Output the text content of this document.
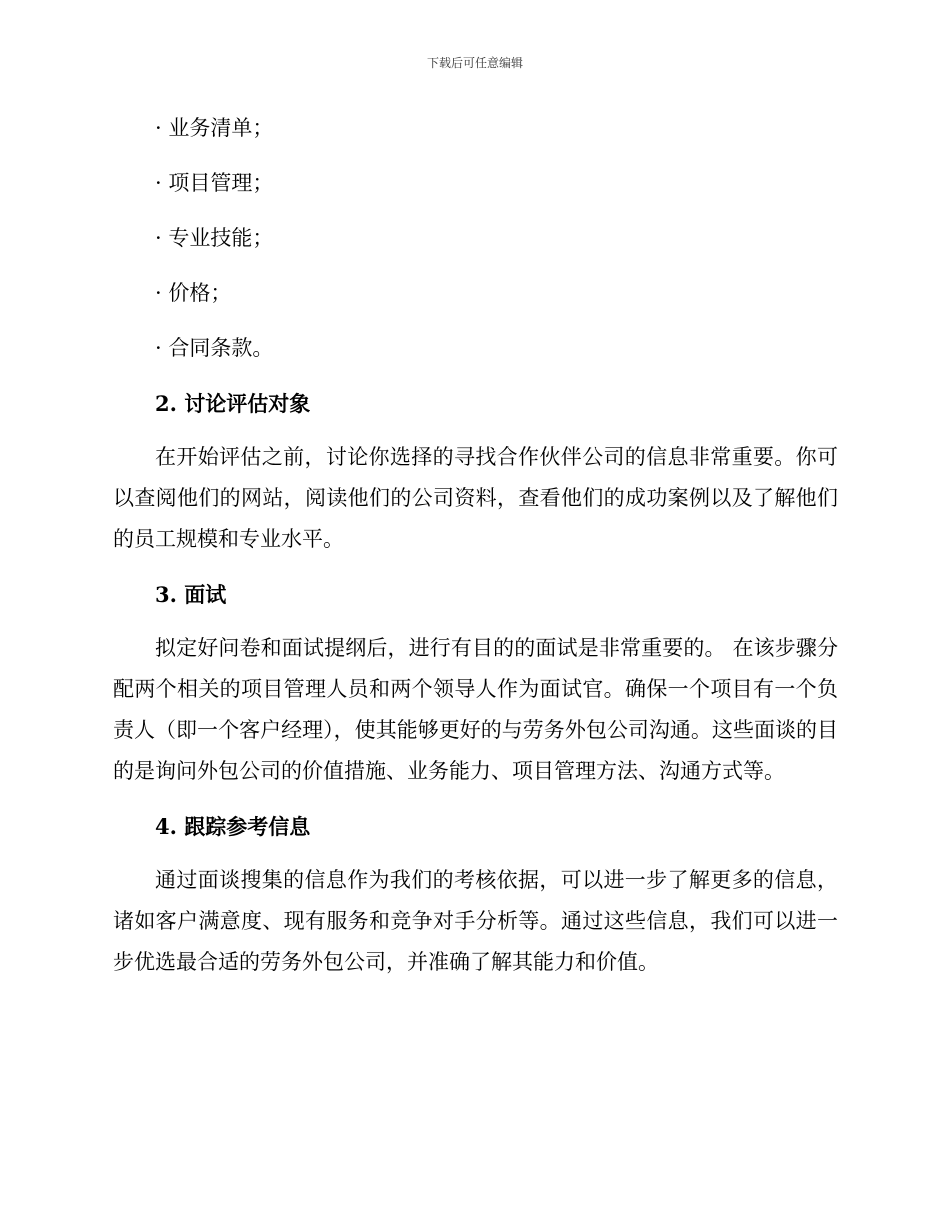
下载后可任意编辑
· 业务清单；
· 项目管理；
· 专业技能；
· 价格；
· 合同条款。
2. 讨论评估对象
在开始评估之前，讨论你选择的寻找合作伙伴公司的信息非常重要。你可以查阅他们的网站，阅读他们的公司资料，查看他们的成功案例以及了解他们的员工规模和专业水平。
3. 面试
拟定好问卷和面试提纲后，进行有目的的面试是非常重要的。 在该步骤分配两个相关的项目管理人员和两个领导人作为面试官。确保一个项目有一个负责人（即一个客户经理），使其能够更好的与劳务外包公司沟通。这些面谈的目的是询问外包公司的价值措施、业务能力、项目管理方法、沟通方式等。
4. 跟踪参考信息
通过面谈搜集的信息作为我们的考核依据，可以进一步了解更多的信息，诸如客户满意度、现有服务和竞争对手分析等。通过这些信息，我们可以进一步优选最合适的劳务外包公司，并准确了解其能力和价值。
